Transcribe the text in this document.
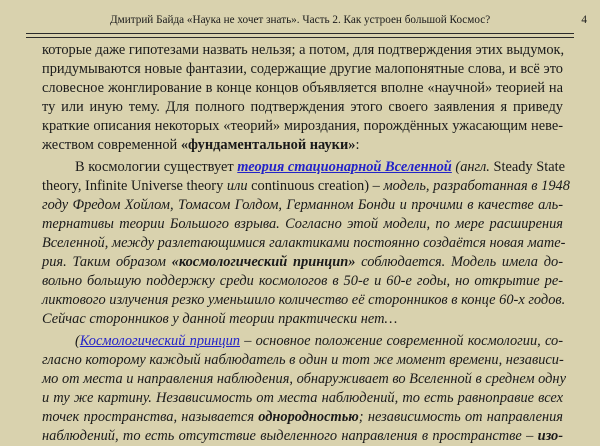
Дмитрий Байда «Наука не хочет знать». Часть 2. Как устроен большой Космос?	4
которые даже гипотезами назвать нельзя; а потом, для подтверждения этих выдумок,
придумываются новые фантазии, содержащие другие малопонятные слова, и всё это
словесное жонглирование в конце концов объявляется вполне «научной» теорией на
ту или иную тему. Для полного подтверждения этого своего заявления я приведу
краткие описания некоторых «теорий» мироздания, порождённых ужасающим неве-
жеством современной «фундаментальной науки»:
В космологии существует теория стационарной Вселенной (англ. Steady State
theory, Infinite Universe theory или continuous creation) – модель, разработанная в 1948
году Фредом Хойлом, Томасом Голдом, Германном Бонди и прочими в качестве аль-
тернативы теории Большого взрыва. Согласно этой модели, по мере расширения
Вселенной, между разлетающимися галактиками постоянно создаётся новая мате-
рия. Таким образом «космологический принцип» соблюдается. Модель имела до-
вольно большую поддержку среди космологов в 50-е и 60-е годы, но открытие ре-
ликтового излучения резко уменьшило количество её сторонников в конце 60-х годов.
Сейчас сторонников у данной теории практически нет…
(Космологический принцип – основное положение современной космологии, со-
гласно которому каждый наблюдатель в один и тот же момент времени, независи-
мо от места и направления наблюдения, обнаруживает во Вселенной в среднем одну
и ту же картину. Независимость от места наблюдений, то есть равноправие всех
точек пространства, называется однородностью; независимость от направления
наблюдений, то есть отсутствие выделенного направления в пространстве – изо-
